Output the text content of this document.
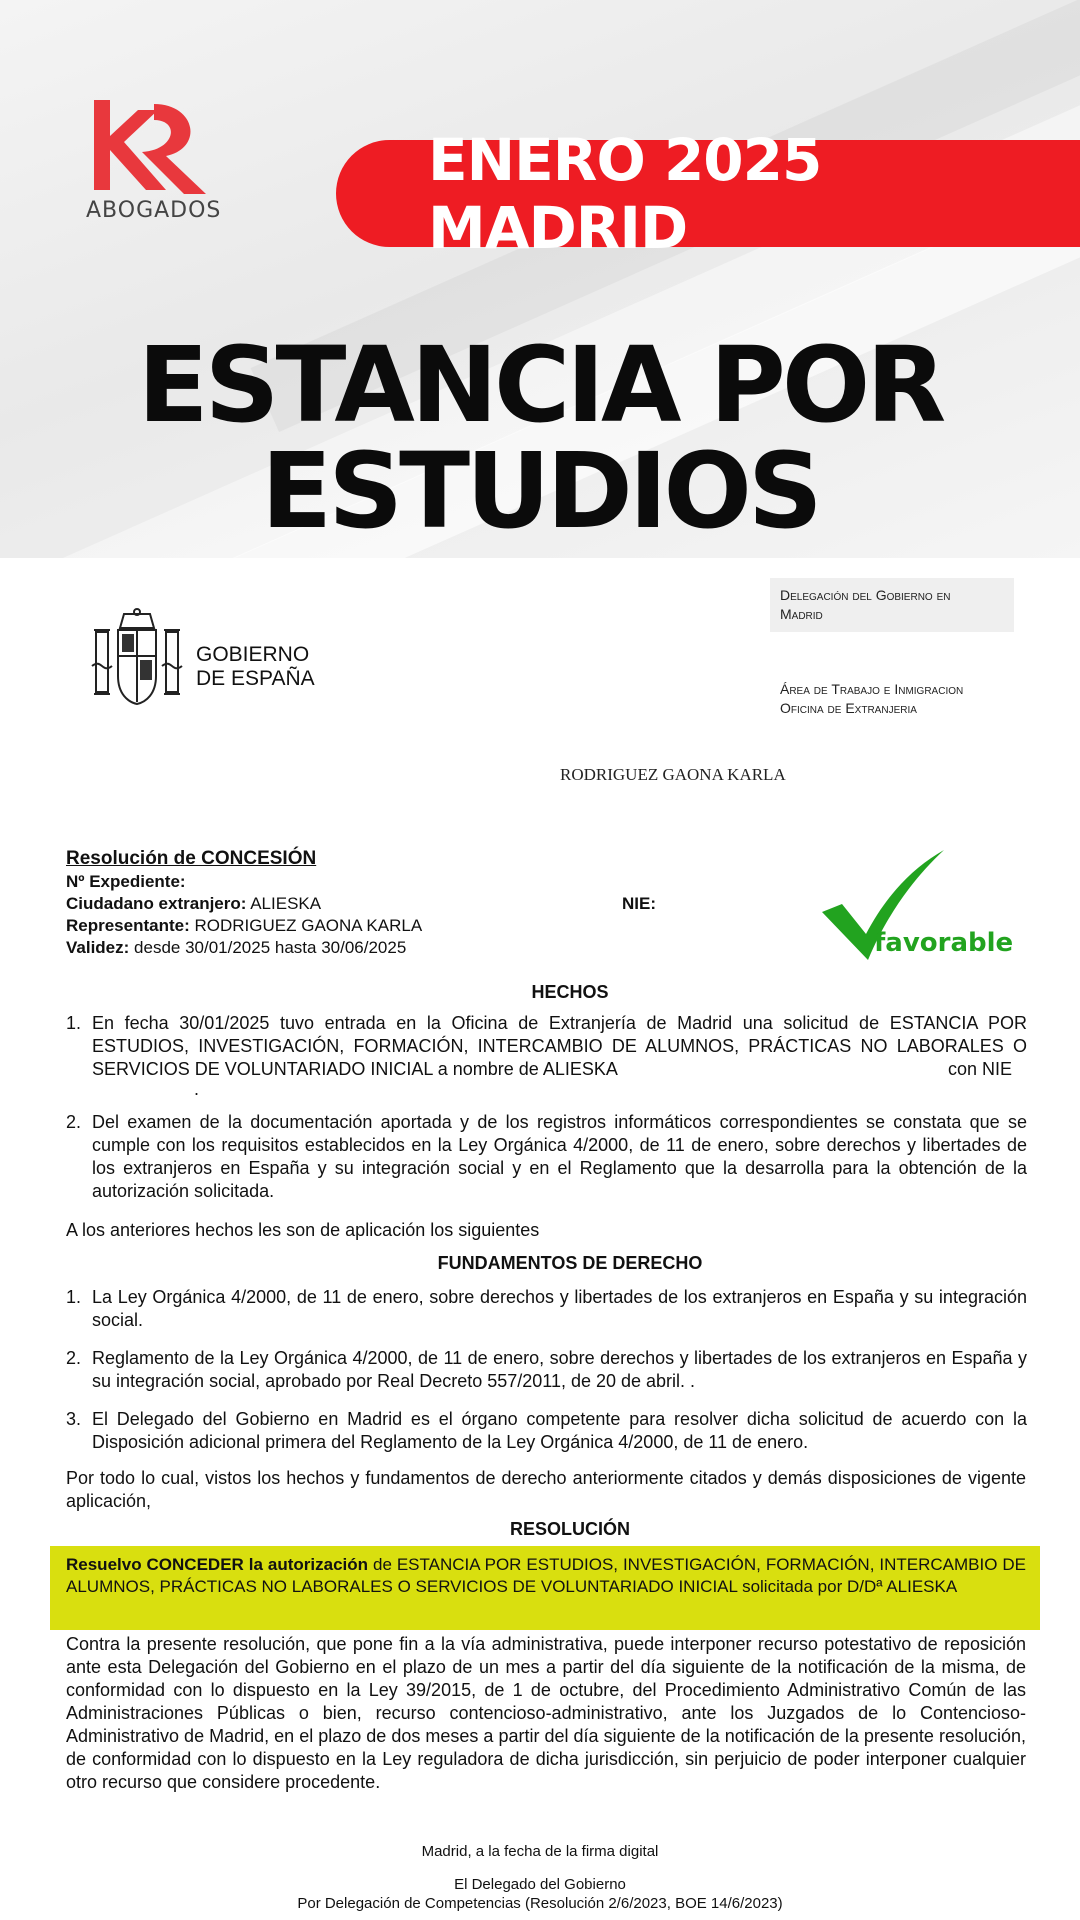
ABOGADOS
ENERO 2025 MADRID
ESTANCIA POR
ESTUDIOS
GOBIERNO
DE ESPAÑA
Delegación del Gobierno en
Madrid
Área de Trabajo e Inmigracion
Oficina de Extranjeria
RODRIGUEZ GAONA KARLA
Resolución de CONCESIÓN
Nº Expediente:
Ciudadano extranjero: ALIESKA	NIE:
Representante: RODRIGUEZ GAONA KARLA
Validez: desde 30/01/2025 hasta 30/06/2025	favorable
HECHOS
1. En fecha 30/01/2025 tuvo entrada en la Oficina de Extranjería de Madrid una solicitud de ESTANCIA POR ESTUDIOS, INVESTIGACIÓN, FORMACIÓN, INTERCAMBIO DE ALUMNOS, PRÁCTICAS NO LABORALES O SERVICIOS DE VOLUNTARIADO INICIAL a nombre de ALIESKA	con NIE
.
2. Del examen de la documentación aportada y de los registros informáticos correspondientes se constata que se cumple con los requisitos establecidos en la Ley Orgánica 4/2000, de 11 de enero, sobre derechos y libertades de los extranjeros en España y su integración social y en el Reglamento que la desarrolla para la obtención de la autorización solicitada.
A los anteriores hechos les son de aplicación los siguientes
FUNDAMENTOS DE DERECHO
1. La Ley Orgánica 4/2000, de 11 de enero, sobre derechos y libertades de los extranjeros en España y su integración social.
2. Reglamento de la Ley Orgánica 4/2000, de 11 de enero, sobre derechos y libertades de los extranjeros en España y su integración social, aprobado por Real Decreto 557/2011, de 20 de abril. .
3. El Delegado del Gobierno en Madrid es el órgano competente para resolver dicha solicitud de acuerdo con la Disposición adicional primera del Reglamento de la Ley Orgánica 4/2000, de 11 de enero.
Por todo lo cual, vistos los hechos y fundamentos de derecho anteriormente citados y demás disposiciones de vigente aplicación,
RESOLUCIÓN
Resuelvo CONCEDER la autorización de ESTANCIA POR ESTUDIOS, INVESTIGACIÓN, FORMACIÓN, INTERCAMBIO DE ALUMNOS, PRÁCTICAS NO LABORALES O SERVICIOS DE VOLUNTARIADO INICIAL solicitada por D/Dª ALIESKA
Contra la presente resolución, que pone fin a la vía administrativa, puede interponer recurso potestativo de reposición ante esta Delegación del Gobierno en el plazo de un mes a partir del día siguiente de la notificación de la misma, de conformidad con lo dispuesto en la Ley 39/2015, de 1 de octubre, del Procedimiento Administrativo Común de las Administraciones Públicas o bien, recurso contencioso-administrativo, ante los Juzgados de lo Contencioso-Administrativo de Madrid, en el plazo de dos meses a partir del día siguiente de la notificación de la presente resolución, de conformidad con lo dispuesto en la Ley reguladora de dicha jurisdicción, sin perjuicio de poder interponer cualquier otro recurso que considere procedente.
Madrid, a la fecha de la firma digital
El Delegado del Gobierno
Por Delegación de Competencias (Resolución 2/6/2023, BOE 14/6/2023)
